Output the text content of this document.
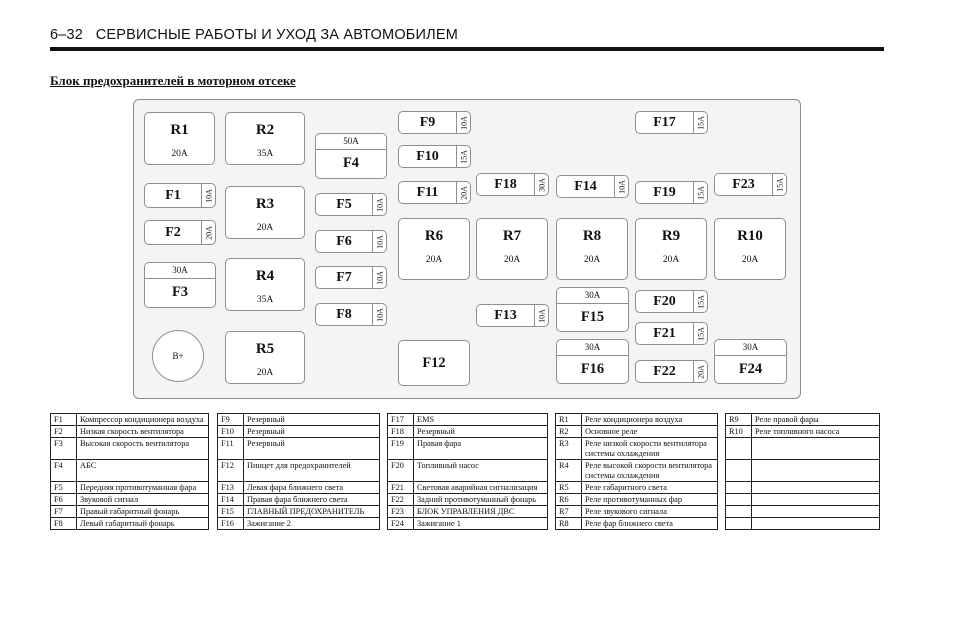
6–32 СЕРВИСНЫЕ РАБОТЫ И УХОД ЗА АВТОМОБИЛЕМ
Блок предохранителей в моторном отсеке
R1
20A
R2
35A
R3
20A
R4
35A
R5
20A
R6
20A
R7
20A
R8
20A
R9
20A
R10
20A
F1	10A
F2	20A
F5	10A
F6	10A
F7	10A
F8	10A
F9	10A
F10	15A
F11	20A
F13	10A
F14	10A
F17	15A
F18	30A	F19	15A
F20	15A
F21	15A
F22	20A
F23	15A
30A
F3
50A
F4
30A
F15
30A
F16
30A
F24
F12
B+
F1	Компрессор кондиционера воздуха		F9	Резервный		F17	EMS		R1	Реле кондиционера воздуха		R9	Реле правой фары
F2	Низкая скорость вентилятора		F10	Резервный		F18	Резервный		R2	Основное реле		R10	Реле топливного насоса
F3	Высокая скорость вентилятора		F11	Резервный		F19	Правая фара		R3	Реле низкой скорости вентилятора системы охлаждения			
F4	АБС		F12	Пинцет для предохранителей		F20	Топливный насос		R4	Реле высокой скорости вентилятора системы охлаждения			
F5	Передняя противотуманная фара		F13	Левая фара ближнего света		F21	Световая аварийная сигнализация		R5	Реле габаритного света			
F6	Звуковой сигнал		F14	Правая фара ближнего света		F22	Задний противотуманный фонарь		R6	Реле противотуманных фар			
F7	Правый габаритный фонарь		F15	ГЛАВНЫЙ ПРЕДОХРАНИТЕЛЬ		F23	БЛОК УПРАВЛЕНИЯ ДВС		R7	Реле звукового сигнала			
F8	Левый габаритный фонарь		F16	Зажигание 2		F24	Зажигание 1		R8	Реле фар ближнего света			
